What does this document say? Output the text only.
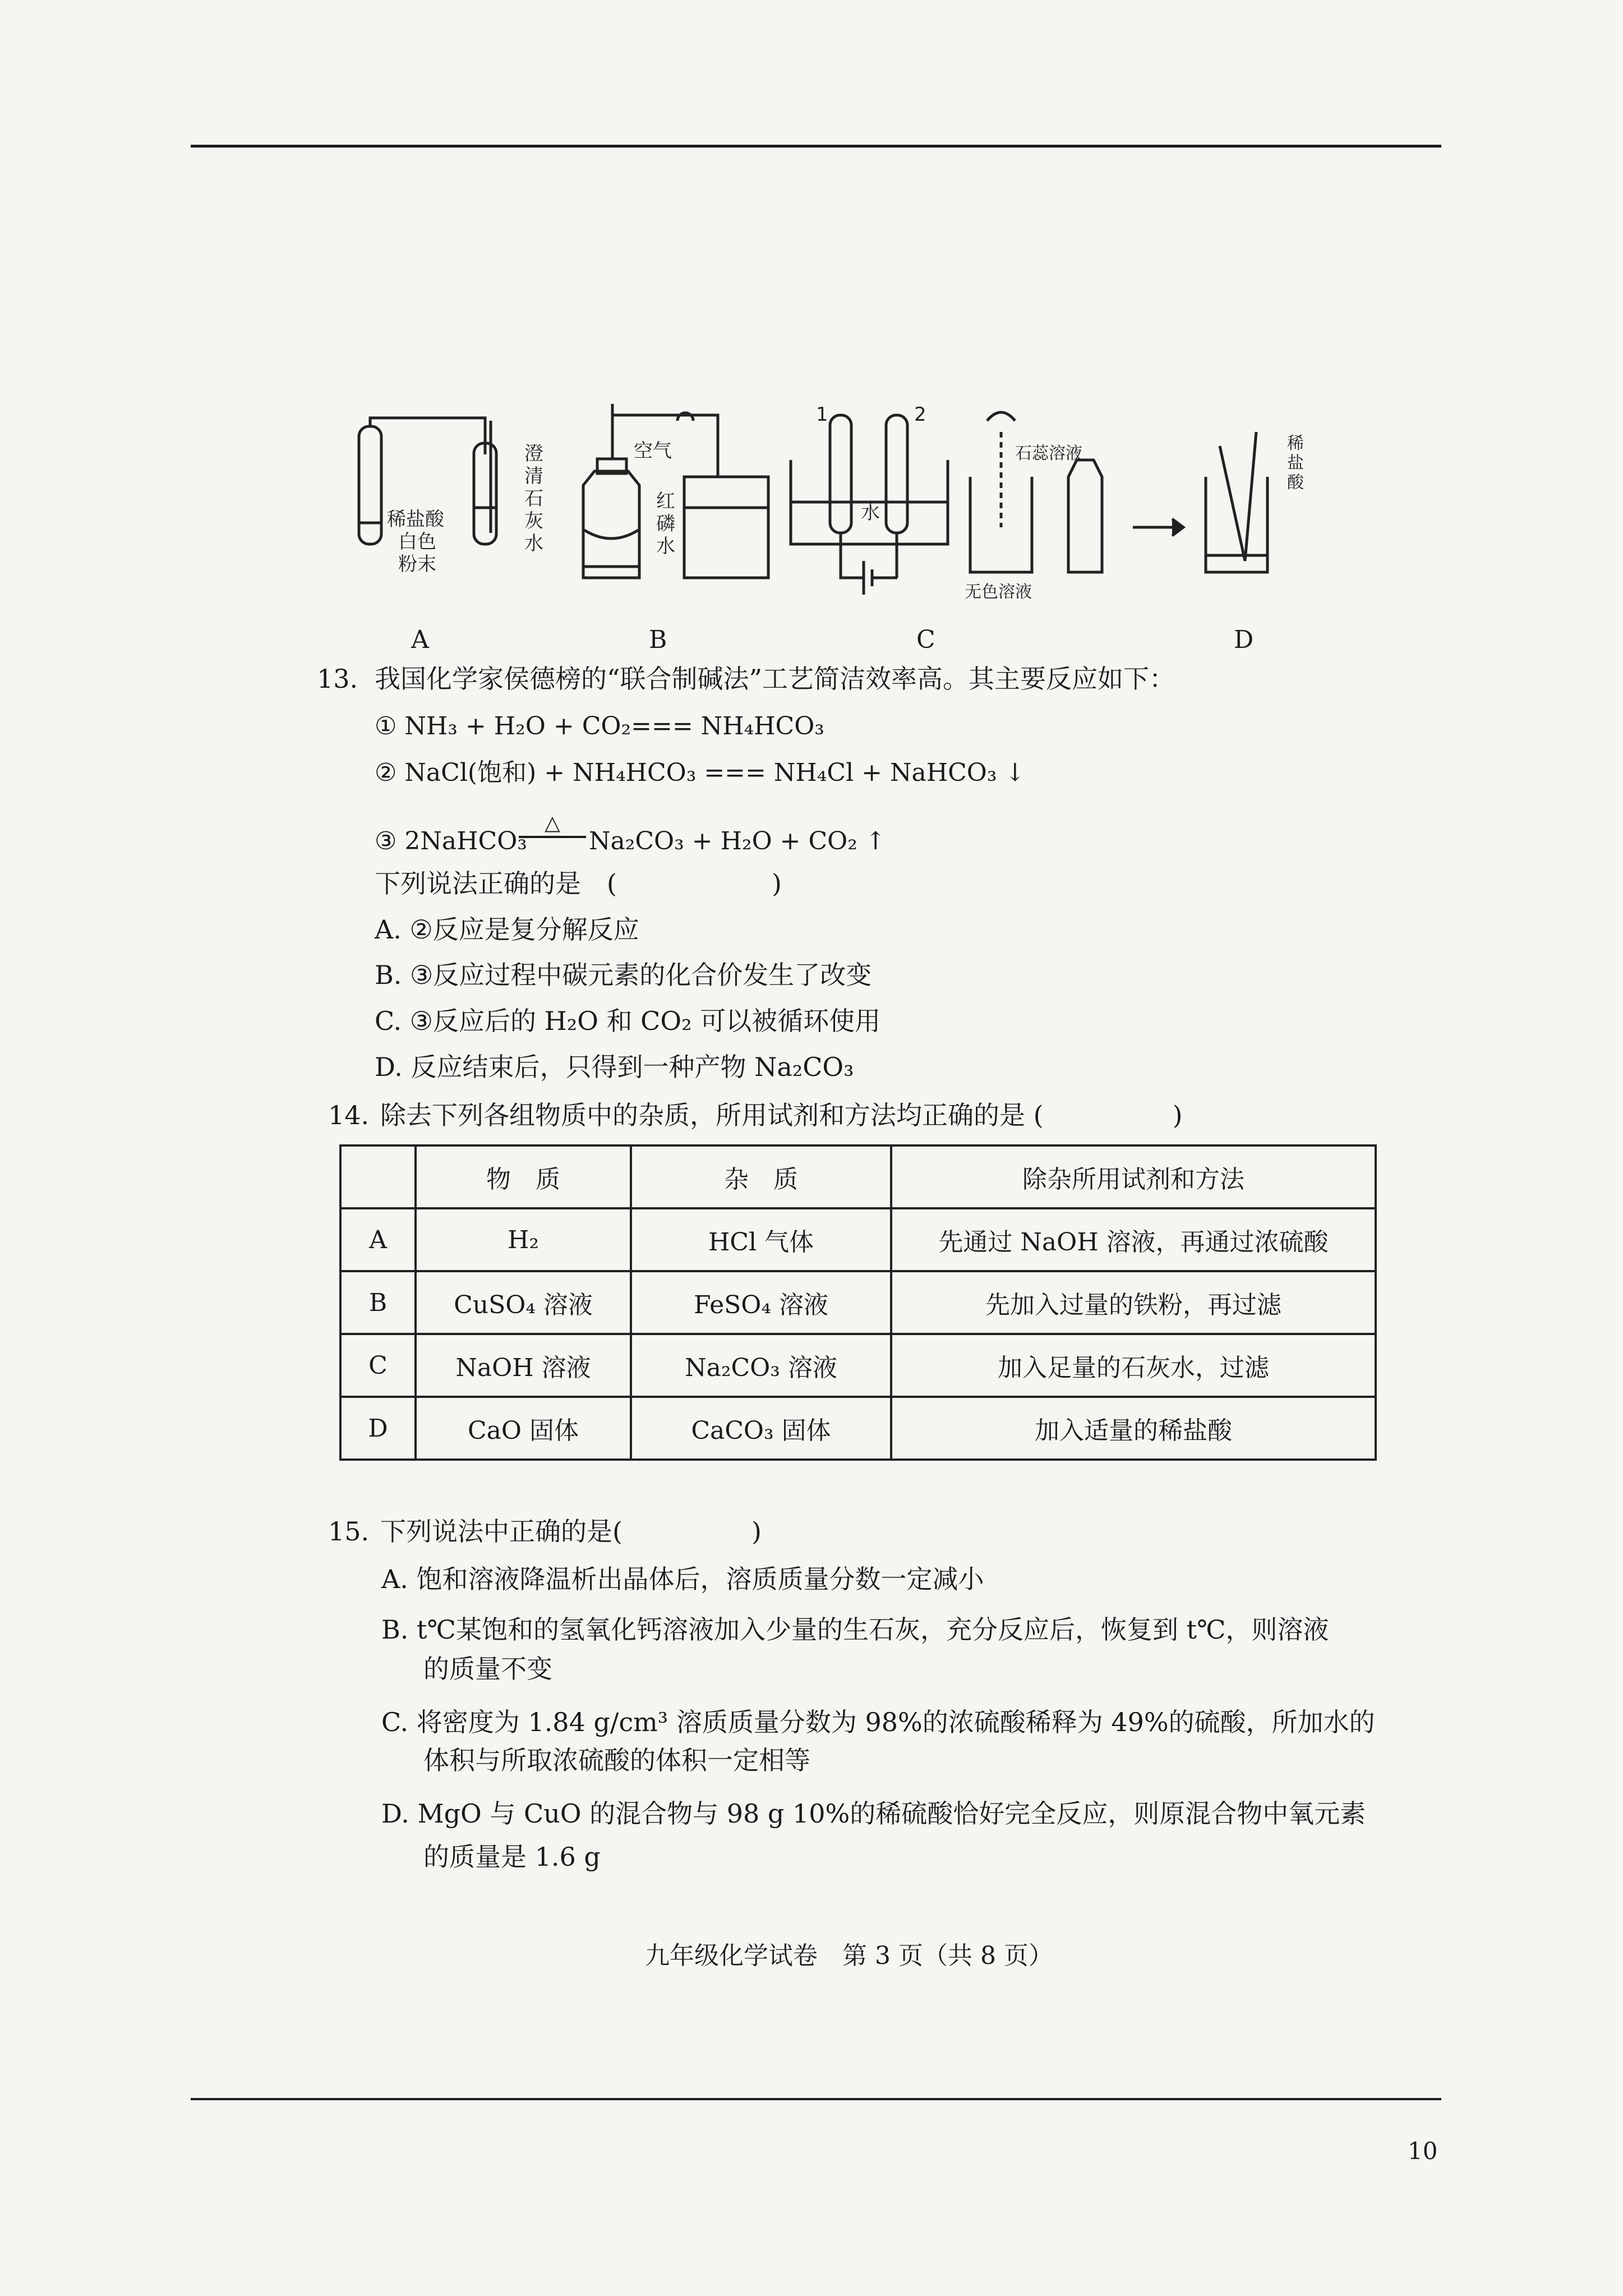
稀盐酸
白色
粉末
澄
清
石
灰
水
空气
红
磷
水
1	2
水
石蕊溶液
无色溶液
稀
盐
酸
A	B	C	D
13. 我国化学家侯德榜的“联合制碱法”工艺简洁效率高。其主要反应如下：
① NH₃ + H₂O + CO₂=== NH₄HCO₃
② NaCl(饱和) + NH₄HCO₃ === NH₄Cl + NaHCO₃ ↓
③ 2NaHCO₃
△
Na₂CO₃ + H₂O + CO₂ ↑
下列说法正确的是　(　　　　　　)
A. ②反应是复分解反应
B. ③反应过程中碳元素的化合价发生了改变
C. ③反应后的 H₂O 和 CO₂ 可以被循环使用
D. 反应结束后，只得到一种产物 Na₂CO₃
14. 除去下列各组物质中的杂质，所用试剂和方法均正确的是 (　　　　　)
	物　质	杂　质	除杂所用试剂和方法
A	H₂	HCl 气体	先通过 NaOH 溶液，再通过浓硫酸
B	CuSO₄ 溶液	FeSO₄ 溶液	先加入过量的铁粉，再过滤
C	NaOH 溶液	Na₂CO₃ 溶液	加入足量的石灰水，过滤
D	CaO 固体	CaCO₃ 固体	加入适量的稀盐酸
15. 下列说法中正确的是(　　　　　)
A. 饱和溶液降温析出晶体后，溶质质量分数一定减小
B. t℃某饱和的氢氧化钙溶液加入少量的生石灰，充分反应后，恢复到 t℃，则溶液
的质量不变
C. 将密度为 1.84 g/cm³ 溶质质量分数为 98%的浓硫酸稀释为 49%的硫酸，所加水的
体积与所取浓硫酸的体积一定相等
D. MgO 与 CuO 的混合物与 98 g 10%的稀硫酸恰好完全反应，则原混合物中氧元素
的质量是 1.6 g
九年级化学试卷　第 3 页（共 8 页）
10
